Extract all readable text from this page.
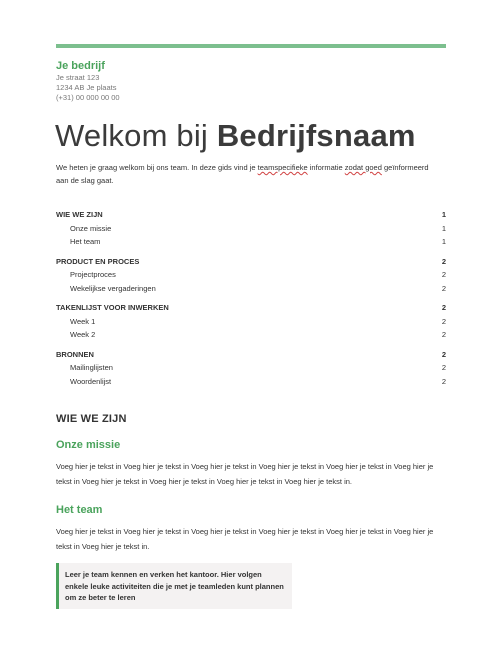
Je bedrijf
Je straat 123
1234 AB Je plaats
(+31) 00 000 00 00
Welkom bij Bedrijfsnaam
We heten je graag welkom bij ons team. In deze gids vind je teamspecifieke informatie zodat goed geïnformeerd aan de slag gaat.
WIE WE ZIJN	1
Onze missie	1
Het team	1
PRODUCT EN PROCES	2
Projectproces	2
Wekelijkse vergaderingen	2
TAKENLIJST VOOR INWERKEN	2
Week 1	2
Week 2	2
BRONNEN	2
Mailinglijsten	2
Woordenlijst	2
WIE WE ZIJN
Onze missie
Voeg hier je tekst in Voeg hier je tekst in Voeg hier je tekst in Voeg hier je tekst in Voeg hier je tekst in Voeg hier je tekst in Voeg hier je tekst in Voeg hier je tekst in Voeg hier je tekst in Voeg hier je tekst in.
Het team
Voeg hier je tekst in Voeg hier je tekst in Voeg hier je tekst in Voeg hier je tekst in Voeg hier je tekst in Voeg hier je tekst in Voeg hier je tekst in.
Leer je team kennen en verken het kantoor. Hier volgen enkele leuke activiteiten die je met je teamleden kunt plannen om ze beter te leren
